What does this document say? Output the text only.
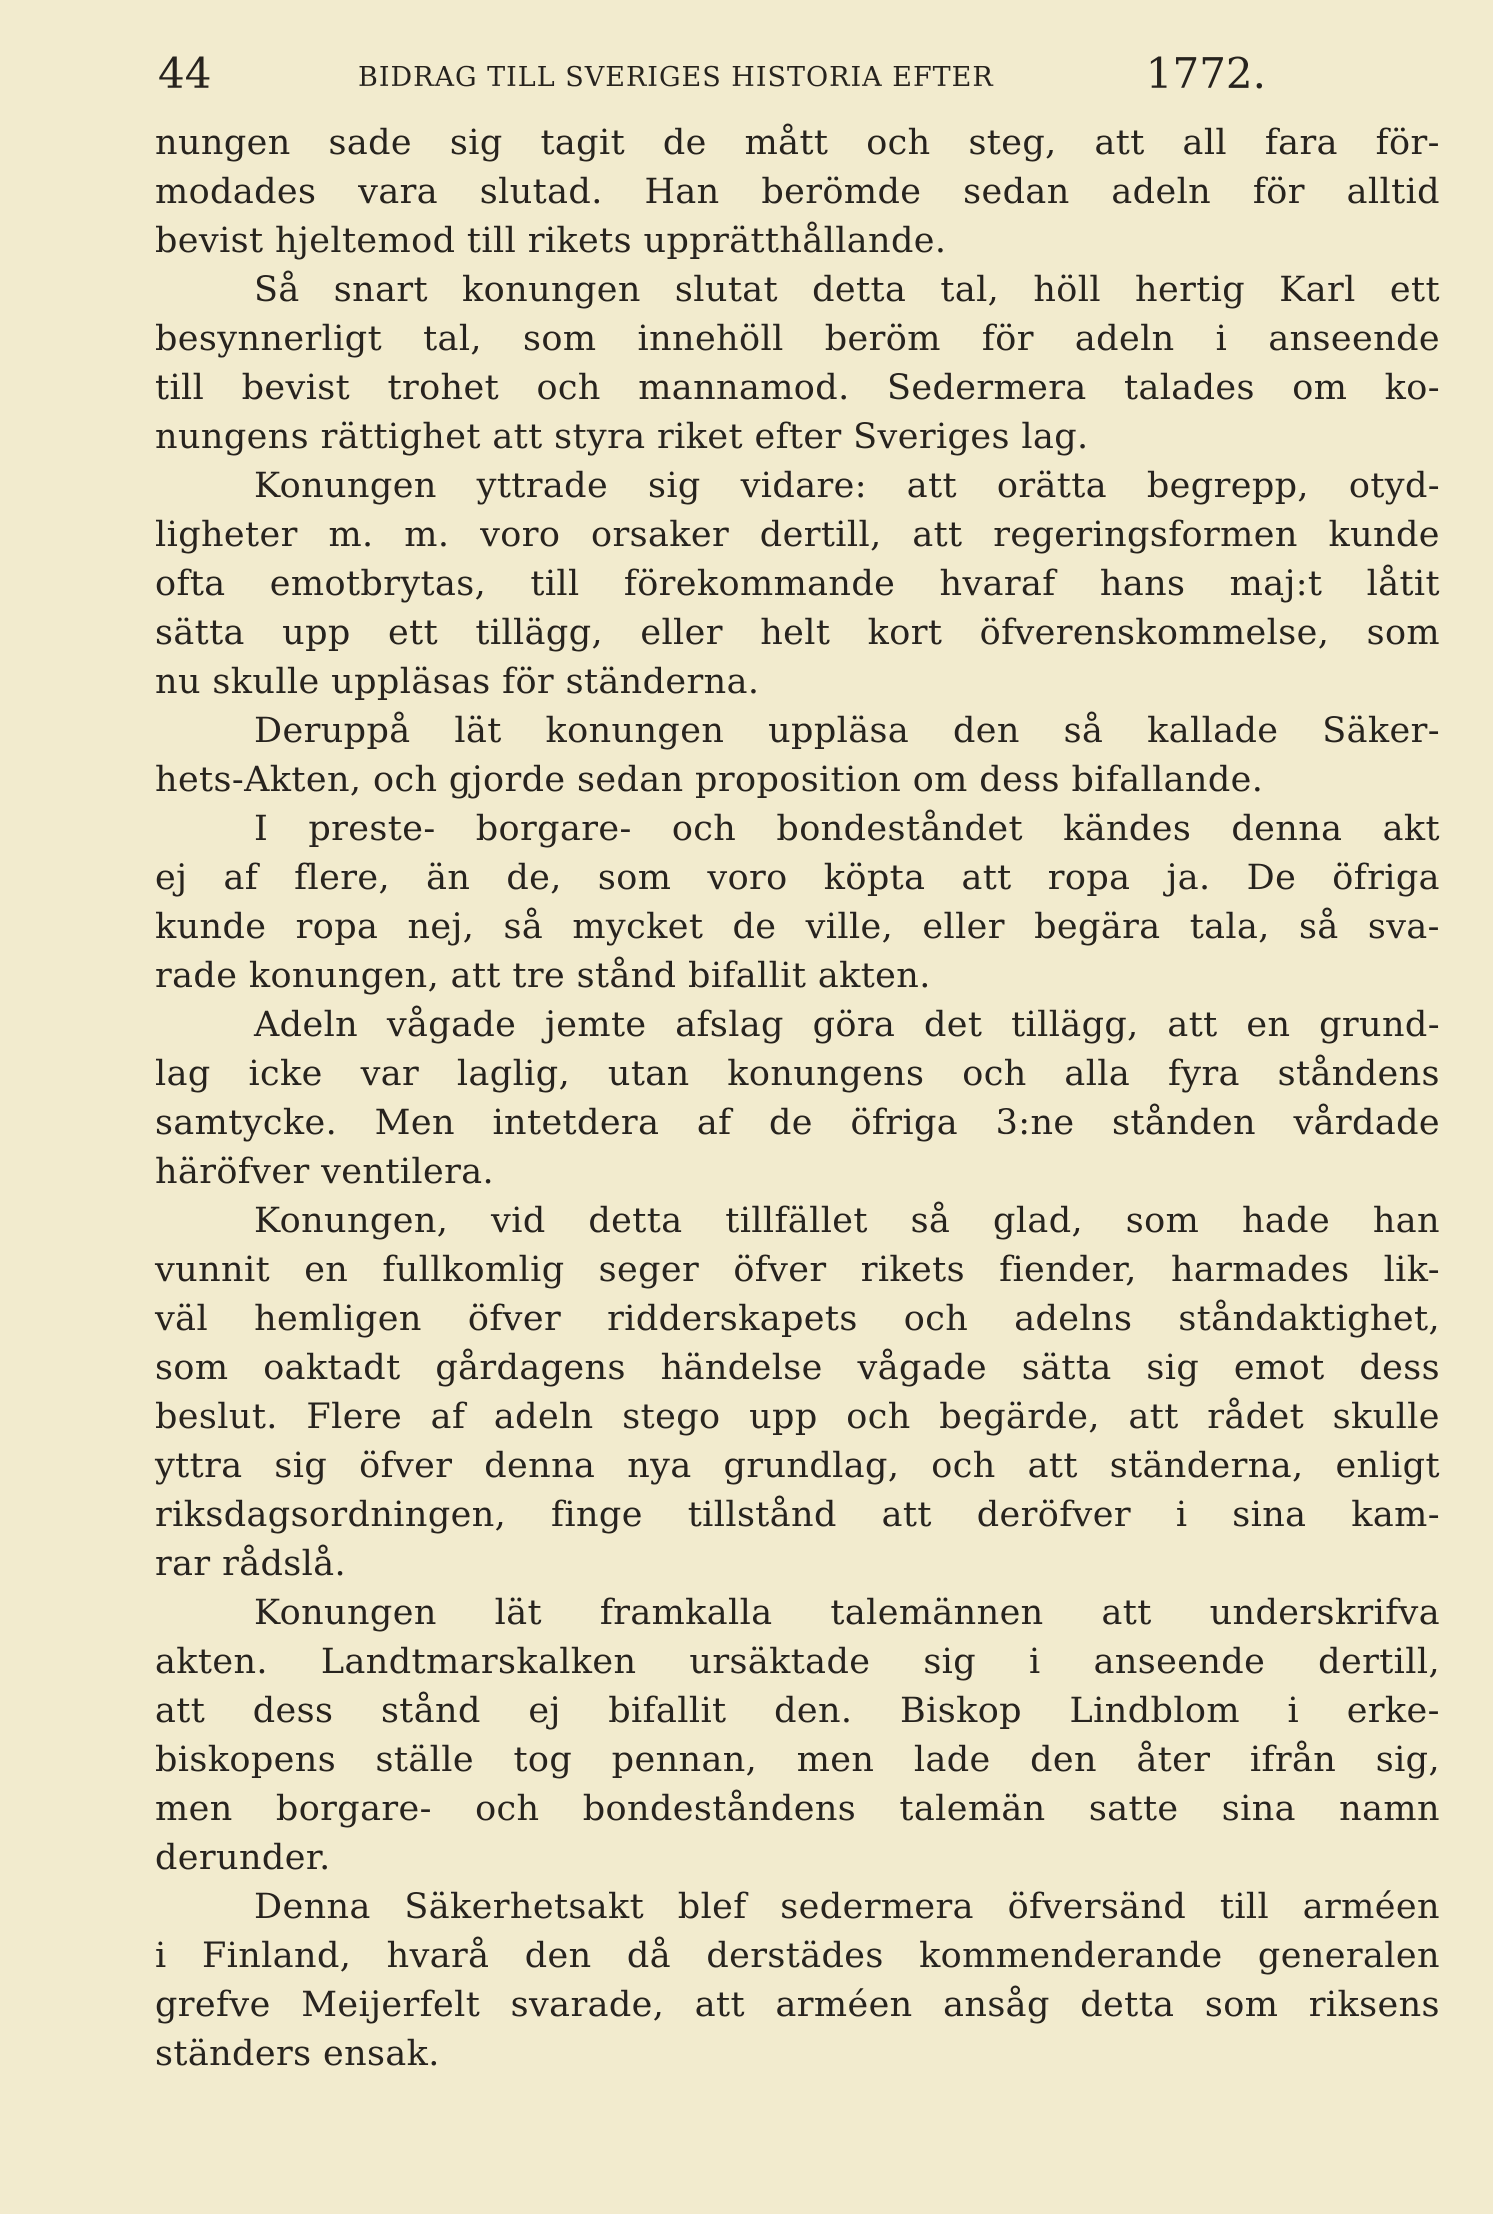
44	BIDRAG TILL SVERIGES HISTORIA EFTER	1772.
nungen sade sig tagit de mått och steg, att all fara för-
modades vara slutad. Han berömde sedan adeln för alltid
bevist hjeltemod till rikets upprätthållande.
Så snart konungen slutat detta tal, höll hertig Karl ett
besynnerligt tal, som innehöll beröm för adeln i anseende
till bevist trohet och mannamod. Sedermera talades om ko-
nungens rättighet att styra riket efter Sveriges lag.
Konungen yttrade sig vidare: att orätta begrepp, otyd-
ligheter m. m. voro orsaker dertill, att regeringsformen kunde
ofta emotbrytas, till förekommande hvaraf hans maj:t låtit
sätta upp ett tillägg, eller helt kort öfverenskommelse, som
nu skulle uppläsas för ständerna.
Deruppå lät konungen uppläsa den så kallade Säker-
hets-Akten, och gjorde sedan proposition om dess bifallande.
I preste- borgare- och bondeståndet kändes denna akt
ej af flere, än de, som voro köpta att ropa ja. De öfriga
kunde ropa nej, så mycket de ville, eller begära tala, så sva-
rade konungen, att tre stånd bifallit akten.
Adeln vågade jemte afslag göra det tillägg, att en grund-
lag icke var laglig, utan konungens och alla fyra ståndens
samtycke. Men intetdera af de öfriga 3:ne stånden vårdade
häröfver ventilera.
Konungen, vid detta tillfället så glad, som hade han
vunnit en fullkomlig seger öfver rikets fiender, harmades lik-
väl hemligen öfver ridderskapets och adelns ståndaktighet,
som oaktadt gårdagens händelse vågade sätta sig emot dess
beslut. Flere af adeln stego upp och begärde, att rådet skulle
yttra sig öfver denna nya grundlag, och att ständerna, enligt
riksdagsordningen, finge tillstånd att deröfver i sina kam-
rar rådslå.
Konungen lät framkalla talemännen att underskrifva
akten. Landtmarskalken ursäktade sig i anseende dertill,
att dess stånd ej bifallit den. Biskop Lindblom i erke-
biskopens ställe tog pennan, men lade den åter ifrån sig,
men borgare- och bondeståndens talemän satte sina namn
derunder.
Denna Säkerhetsakt blef sedermera öfversänd till arméen
i Finland, hvarå den då derstädes kommenderande generalen
grefve Meijerfelt svarade, att arméen ansåg detta som riksens
ständers ensak.
